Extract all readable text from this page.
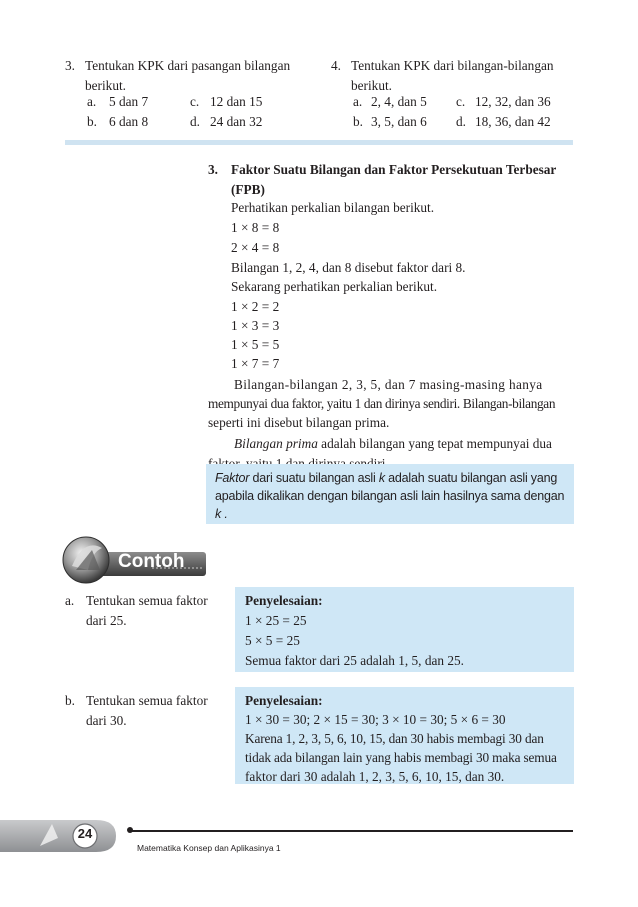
3. Tentukan KPK dari pasangan bilangan
berikut.
a. 5 dan 7
b. 6 dan 8
c. 12 dan 15
d. 24 dan 32
4. Tentukan KPK dari bilangan-bilangan
berikut.
a. 2, 4, dan 5
b. 3, 5, dan 6
c. 12, 32, dan 36
d. 18, 36, dan 42
3. Faktor Suatu Bilangan dan Faktor Persekutuan Terbesar
(FPB)
Perhatikan perkalian bilangan berikut.
1 × 8 = 8
2 × 4 = 8
Bilangan 1, 2, 4, dan 8 disebut faktor dari 8.
Sekarang perhatikan perkalian berikut.
1 × 2 = 2
1 × 3 = 3
1 × 5 = 5
1 × 7 = 7
Bilangan-bilangan 2, 3, 5, dan 7 masing-masing hanya
mempunyai dua faktor, yaitu 1 dan dirinya sendiri. Bilangan-bilangan
seperti ini disebut bilangan prima.
Bilangan prima adalah bilangan yang tepat mempunyai dua
Faktor dari suatu bilangan asli k adalah suatu bilangan asli yang
apabila dikalikan dengan bilangan asli lain hasilnya sama dengan
k .
Contoh
a. Tentukan semua faktor
dari 25.
Penyelesaian:
1 × 25 = 25
5 × 5 = 25
Semua faktor dari 25 adalah 1, 5, dan 25.
b. Tentukan semua faktor
dari 30.
Penyelesaian:
1 × 30 = 30; 2 × 15 = 30; 3 × 10 = 30; 5 × 6 = 30
Karena 1, 2, 3, 5, 6, 10, 15, dan 30 habis membagi 30 dan
tidak ada bilangan lain yang habis membagi 30 maka semua
faktor dari 30 adalah 1, 2, 3, 5, 6, 10, 15, dan 30.
24
Matematika Konsep dan Aplikasinya 1
